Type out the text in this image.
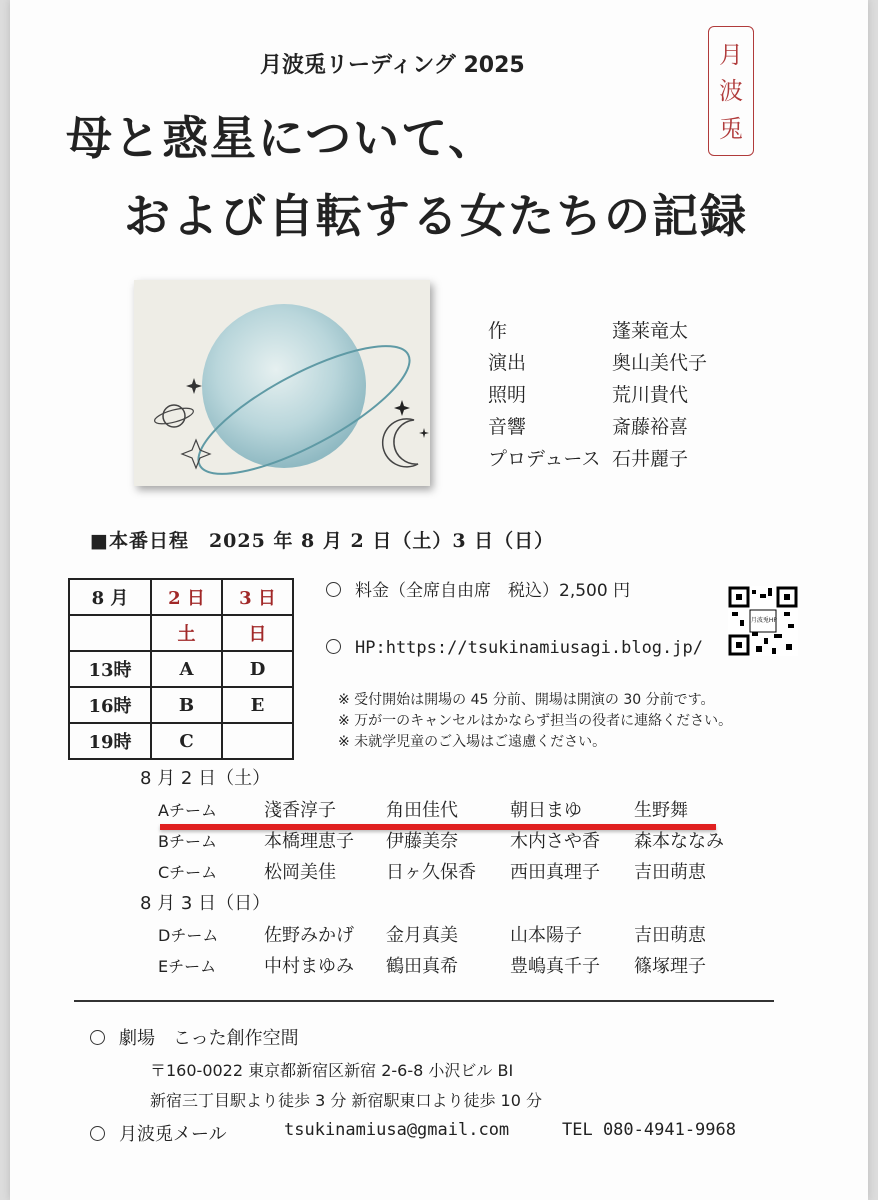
月波兎リーディング 2025
母と惑星について、
および自転する女たちの記録
月
波
兎
作	蓬莱竜太
演出	奥山美代子
照明	荒川貴代
音響	斎藤裕喜
プロデュース 石井麗子
■本番日程　2025 年 8 月 2 日（土）3 日（日）
8 月	2 日	3 日
	土	日
13時	A	D
16時	B	E
19時	C	
料金（全席自由席　税込）2,500 円
HP:https://tsukinamiusagi.blog.jp/
月波兎HP
※ 受付開始は開場の 45 分前、開場は開演の 30 分前です。
※ 万が一のキャンセルはかならず担当の役者に連絡ください。
※ 未就学児童のご入場はご遠慮ください。
8 月 2 日（土）
Aチーム	淺香淳子	角田佳代	朝日まゆ	生野舞
Bチーム	本橋理恵子 伊藤美奈	木内さや香 森本ななみ
Cチーム	松岡美佳	日ヶ久保香 西田真理子 吉田萌恵
8 月 3 日（日）
Dチーム	佐野みかげ 金月真美	山本陽子	吉田萌恵
Eチーム	中村まゆみ 鶴田真希	豊嶋真千子 篠塚理子
劇場　こった創作空間
〒160-0022 東京都新宿区新宿 2-6-8 小沢ビル BI
新宿三丁目駅より徒歩 3 分 新宿駅東口より徒歩 10 分
月波兎メール	tsukinamiusa@gmail.com	TEL 080-4941-9968
